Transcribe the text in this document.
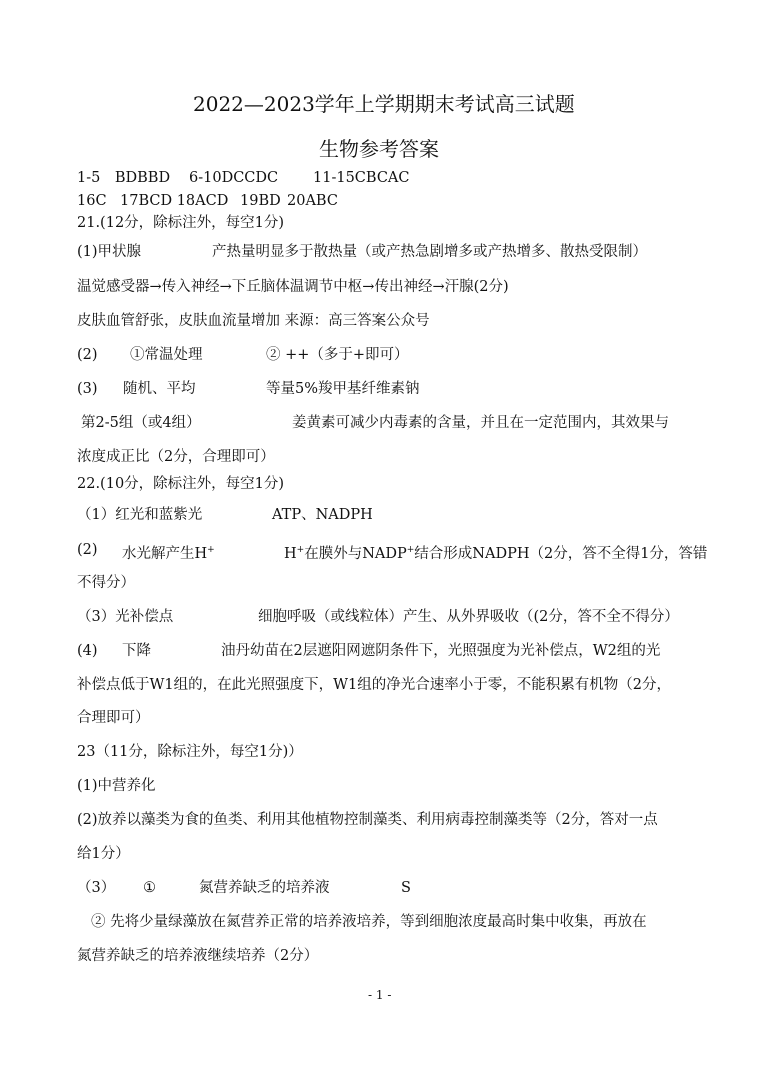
2022—2023学年上学期期末考试高三试题
生物参考答案
1-5　BDBBD 6-10DCCDC 11-15CBCAC
16C 17BCD 18ACD 19BD 20ABC
21.(12分，除标注外，每空1分)
(1)甲状腺	产热量明显多于散热量（或产热急剧增多或产热增多、散热受限制）
温觉感受器→传入神经→下丘脑体温调节中枢→传出神经→汗腺(2分)
皮肤血管舒张，皮肤血流量增加 来源：高三答案公众号
(2) ①常温处理	② ++（多于+即可）
(3) 随机、平均	等量5%羧甲基纤维素钠
第2-5组（或4组）	姜黄素可减少内毒素的含量，并且在一定范围内，其效果与
浓度成正比（2分，合理即可）
22.(10分，除标注外，每空1分)
（1）红光和蓝紫光	ATP、NADPH
(2) 水光解产生H+	H+在膜外与NADP+结合形成NADPH（2分，答不全得1分，答错
不得分）
（3）光补偿点	细胞呼吸（或线粒体）产生、从外界吸收（(2分，答不全不得分）
(4) 下降	油丹幼苗在2层遮阳网遮阴条件下，光照强度为光补偿点，W2组的光
补偿点低于W1组的，在此光照强度下，W1组的净光合速率小于零，不能积累有机物（2分，
合理即可）
23（11分，除标注外，每空1分)）
(1)中营养化
(2)放养以藻类为食的鱼类、利用其他植物控制藻类、利用病毒控制藻类等（2分，答对一点
给1分）
（3） ①	氮营养缺乏的培养液	S
② 先将少量绿藻放在氮营养正常的培养液培养，等到细胞浓度最高时集中收集，再放在
氮营养缺乏的培养液继续培养（2分）
- 1 -
